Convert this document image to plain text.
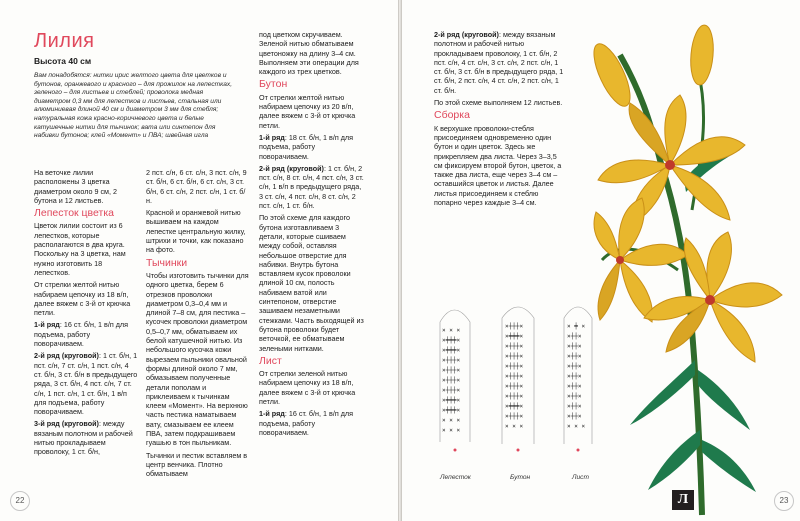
Лилия
Высота 40 см
Вам понадобятся: нитки ирис желтого цвета для цветков и бутонов, оранжевого и красного – для прожилок на лепестках, зеленого – для листьев и стеблей; проволока медная диаметром 0,3 мм для лепестков и листьев, стальная или алюминиевая длиной 40 см и диаметром 3 мм для стебля; натуральная кожа красно-коричневого цвета и белые катушечные нитки для тычинок; вата или синтепон для набивки бутонов; клей «Момент» и ПВА; швейная игла

На веточке лилии расположены 3 цветка диаметром около 9 см, 2 бутона и 12 листьев.

Лепесток цветка

Цветок лилии состоит из 6 лепестков, которые располагаются в два круга. Поскольку на 3 цветка, нам нужно изготовить 18 лепестков.

От стрелки желтой нитью набираем цепочку из 18 в/п, далее вяжем с 3-й от крючка петли.

1-й ряд: 16 ст. б/н, 1 в/п для подъема, работу поворачиваем.

2-й ряд (круговой): 1 ст. б/н, 1 пст. с/н, 7 ст. с/н, 1 пст. с/н, 4 ст. б/н, 3 ст. б/н в предыдущего ряда, 3 ст. б/н, 4 пст. с/н, 7 ст. с/н, 1 пст. с/н, 1 ст. б/н, 1 в/п для подъема, работу поворачиваем.

3-й ряд (круговой): между вязаным полотном и рабочей нитью прокладываем проволоку, 1 ст. б/н,

2 пст. с/н, 6 ст. с/н, 3 пст. с/н, 9 ст. б/н, 6 ст. б/н, 6 ст. с/н, 3 ст. б/н, 6 ст. с/н, 2 пст. с/н, 1 ст. б/н.

Красной и оранжевой нитью вышиваем на каждом лепестке центральную жилку, штрихи и точки, как показано на фото.

Тычинки

Чтобы изготовить тычинки для одного цветка, берем 6 отрезков проволоки диаметром 0,3–0,4 мм и длиной 7–8 см, для пестика – кусочек проволоки диаметром 0,5–0,7 мм, обматываем их белой катушечной нитью. Из небольшого кусочка кожи вырезаем пыльники овальной формы длиной около 7 мм, обмазываем полученные детали пополам и приклеиваем к тычинкам клеем «Момент». На верхнюю часть пестика наматываем вату, смазываем ее клеем ПВА, затем подкрашиваем гуашью в тон пыльникам.

Тычинки и пестик вставляем в центр венчика. Плотно обматываем

под цветком скручиваем. Зеленой нитью обматываем цветоножку на длину 3–4 см. Выполняем эти операции для каждого из трех цветков.

Бутон

От стрелки желтой нитью набираем цепочку из 20 в/п, далее вяжем с 3-й от крючка петли.

1-й ряд: 18 ст. б/н, 1 в/п для подъема, работу поворачиваем.

2-й ряд (круговой): 1 ст. б/н, 2 пст. с/н, 8 ст. с/н, 4 пст. с/н, 3 ст. с/н, 1 в/п в предыдущего ряда, 3 ст. с/н, 4 пст. с/н, 8 ст. с/н, 2 пст. с/н, 1 ст. б/н.

По этой схеме для каждого бутона изготавливаем 3 детали, которые сшиваем между собой, оставляя небольшое отверстие для набивки. Внутрь бутона вставляем кусок проволоки длиной 10 см, полость набиваем ватой или синтепоном, отверстие зашиваем незаметными стежками. Часть выходящей из бутона проволоки будет веточкой, ее обматываем зелеными нитками.

Лист

От стрелки зеленой нитью набираем цепочку из 18 в/п, далее вяжем с 3-й от крючка петли.

1-й ряд: 16 ст. б/н, 1 в/п для подъема, работу поворачиваем.

22

2-й ряд (круговой): между вязаным полотном и рабочей нитью прокладываем проволоку, 1 ст. б/н, 2 пст. с/н, 4 ст. с/н, 3 ст. с/н, 2 пст. с/н, 1 ст. б/н, 3 ст. б/н в предыдущего ряда, 1 ст. б/н, 2 пст. с/н, 4 ст. с/н, 2 пст. с/н, 1 ст. б/н.

По этой схеме выполняем 12 листьев.

Сборка

К верхушке проволоки-стебля присоединяем одновременно один бутон и один цветок. Здесь же прикрепляем два листа. Через 3–3,5 см фиксируем второй бутон, цветок, а также два листа, еще через 3–4 см – оставшийся цветок и листья. Далее листья присоединяем к стеблю попарно через каждые 3–4 см.

× × ×
×╪╪╪×
×╪╪╪×
×┼┼┼×
×┼┼┼×
×┼┼┼×
×┼┼┼×
×╪╪╪×
×╪╪╪×
× × ×
× × ×
×┼┼┼×
×╪╪╪×
×┼┼┼×
×┼┼┼×
×┼┼┼×
×┼┼┼×
×┼┼┼×
×┼┼┼×
×╪╪╪×
×┼┼┼×
× × ×
× ╪ ×
×┼┼×
×┼┼×
×┼┼×
×┼┼×
×┼┼×
×┼┼×
×┼┼×
×┼┼×
×┼┼×
× × ×
Лепесток	Бутон	Лист
23
Л
